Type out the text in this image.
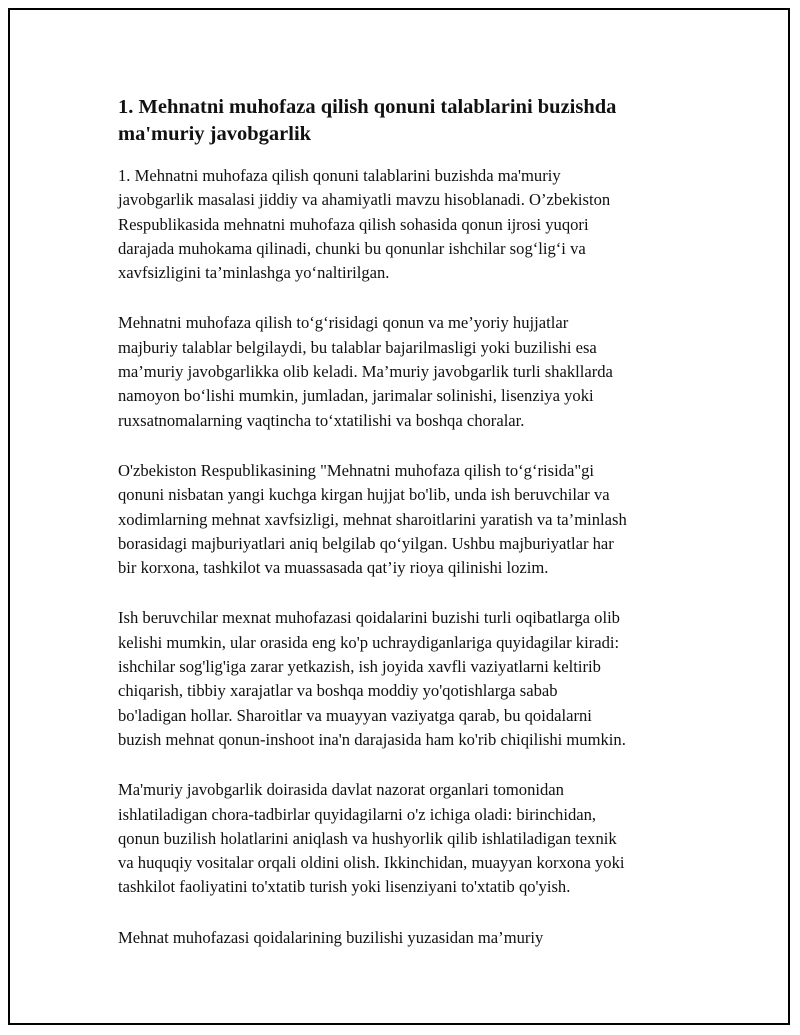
1. Mehnatni muhofaza qilish qonuni talablarini buzishda
ma'muriy javobgarlik

1. Mehnatni muhofaza qilish qonuni talablarini buzishda ma'muriy
javobgarlik masalasi jiddiy va ahamiyatli mavzu hisoblanadi. O’zbekiston
Respublikasida mehnatni muhofaza qilish sohasida qonun ijrosi yuqori
darajada muhokama qilinadi, chunki bu qonunlar ishchilar sog‘lig‘i va
xavfsizligini ta’minlashga yo‘naltirilgan.

Mehnatni muhofaza qilish to‘g‘risidagi qonun va me’yoriy hujjatlar
majburiy talablar belgilaydi, bu talablar bajarilmasligi yoki buzilishi esa
ma’muriy javobgarlikka olib keladi. Ma’muriy javobgarlik turli shakllarda
namoyon bo‘lishi mumkin, jumladan, jarimalar solinishi, lisenziya yoki
ruxsatnomalarning vaqtincha to‘xtatilishi va boshqa choralar.

O'zbekiston Respublikasining "Mehnatni muhofaza qilish to‘g‘risida"gi
qonuni nisbatan yangi kuchga kirgan hujjat bo'lib, unda ish beruvchilar va
xodimlarning mehnat xavfsizligi, mehnat sharoitlarini yaratish va ta’minlash
borasidagi majburiyatlari aniq belgilab qo‘yilgan. Ushbu majburiyatlar har
bir korxona, tashkilot va muassasada qat’iy rioya qilinishi lozim.

Ish beruvchilar mexnat muhofazasi qoidalarini buzishi turli oqibatlarga olib
kelishi mumkin, ular orasida eng ko'p uchraydiganlariga quyidagilar kiradi:
ishchilar sog'lig'iga zarar yetkazish, ish joyida xavfli vaziyatlarni keltirib
chiqarish, tibbiy xarajatlar va boshqa moddiy yo'qotishlarga sabab
bo'ladigan hollar. Sharoitlar va muayyan vaziyatga qarab, bu qoidalarni
buzish mehnat qonun-inshoot ina'n darajasida ham ko'rib chiqilishi mumkin.

Ma'muriy javobgarlik doirasida davlat nazorat organlari tomonidan
ishlatiladigan chora-tadbirlar quyidagilarni o'z ichiga oladi: birinchidan,
qonun buzilish holatlarini aniqlash va hushyorlik qilib ishlatiladigan texnik
va huquqiy vositalar orqali oldini olish. Ikkinchidan, muayyan korxona yoki
tashkilot faoliyatini to'xtatib turish yoki lisenziyani to'xtatib qo'yish.

Mehnat muhofazasi qoidalarining buzilishi yuzasidan ma’muriy
